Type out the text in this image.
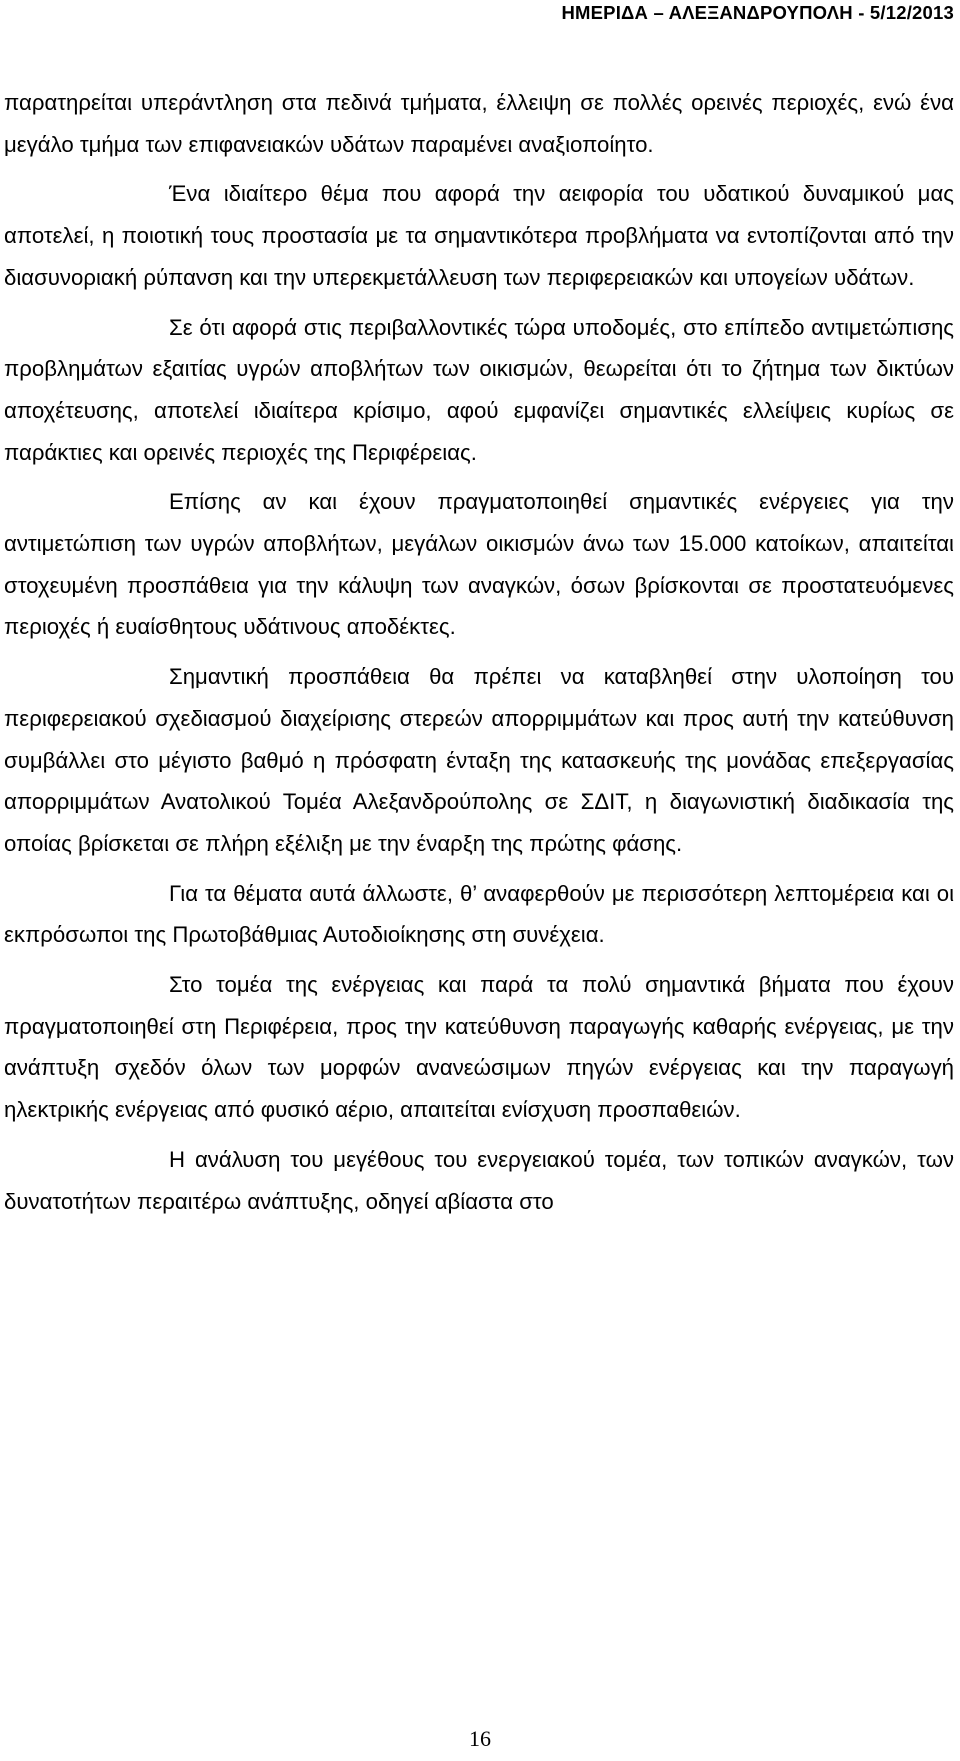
ΗΜΕΡΙΔΑ – ΑΛΕΞΑΝΔΡΟΥΠΟΛΗ - 5/12/2013

παρατηρείται υπεράντληση στα πεδινά τμήματα, έλλειψη σε πολλές ορεινές περιοχές, ενώ ένα μεγάλο τμήμα των επιφανειακών υδάτων παραμένει αναξιοποίητο.

Ένα ιδιαίτερο θέμα που αφορά την αειφορία του υδατικού δυναμικού μας αποτελεί, η ποιοτική τους προστασία με τα σημαντικότερα προβλήματα να εντοπίζονται από την διασυνοριακή ρύπανση και την υπερεκμετάλλευση των περιφερειακών και υπογείων υδάτων.

Σε ότι αφορά στις περιβαλλοντικές τώρα υποδομές, στο επίπεδο αντιμετώπισης προβλημάτων εξαιτίας υγρών αποβλήτων των οικισμών, θεωρείται ότι το ζήτημα των δικτύων αποχέτευσης, αποτελεί ιδιαίτερα κρίσιμο, αφού εμφανίζει σημαντικές ελλείψεις κυρίως σε παράκτιες και ορεινές περιοχές της Περιφέρειας.

Επίσης αν και έχουν πραγματοποιηθεί σημαντικές ενέργειες για την αντιμετώπιση των υγρών αποβλήτων, μεγάλων οικισμών άνω των 15.000 κατοίκων, απαιτείται στοχευμένη προσπάθεια για την κάλυψη των αναγκών, όσων βρίσκονται σε προστατευόμενες περιοχές ή ευαίσθητους υδάτινους αποδέκτες.

Σημαντική προσπάθεια θα πρέπει να καταβληθεί στην υλοποίηση του περιφερειακού σχεδιασμού διαχείρισης στερεών απορριμμάτων και προς αυτή την κατεύθυνση συμβάλλει στο μέγιστο βαθμό η πρόσφατη ένταξη της κατασκευής της μονάδας επεξεργασίας απορριμμάτων Ανατολικού Τομέα Αλεξανδρούπολης σε ΣΔΙΤ, η διαγωνιστική διαδικασία της οποίας βρίσκεται σε πλήρη εξέλιξη με την έναρξη της πρώτης φάσης.

Για τα θέματα αυτά άλλωστε, θ’ αναφερθούν με περισσότερη λεπτομέρεια και οι εκπρόσωποι της Πρωτοβάθμιας Αυτοδιοίκησης στη συνέχεια.

Στο τομέα της ενέργειας και παρά τα πολύ σημαντικά βήματα που έχουν πραγματοποιηθεί στη Περιφέρεια, προς την κατεύθυνση παραγωγής καθαρής ενέργειας, με την ανάπτυξη σχεδόν όλων των μορφών ανανεώσιμων πηγών ενέργειας και την παραγωγή ηλεκτρικής ενέργειας από φυσικό αέριο, απαιτείται ενίσχυση προσπαθειών.

Η ανάλυση του μεγέθους του ενεργειακού τομέα, των τοπικών αναγκών, των δυνατοτήτων περαιτέρω ανάπτυξης, οδηγεί αβίαστα στο

16
